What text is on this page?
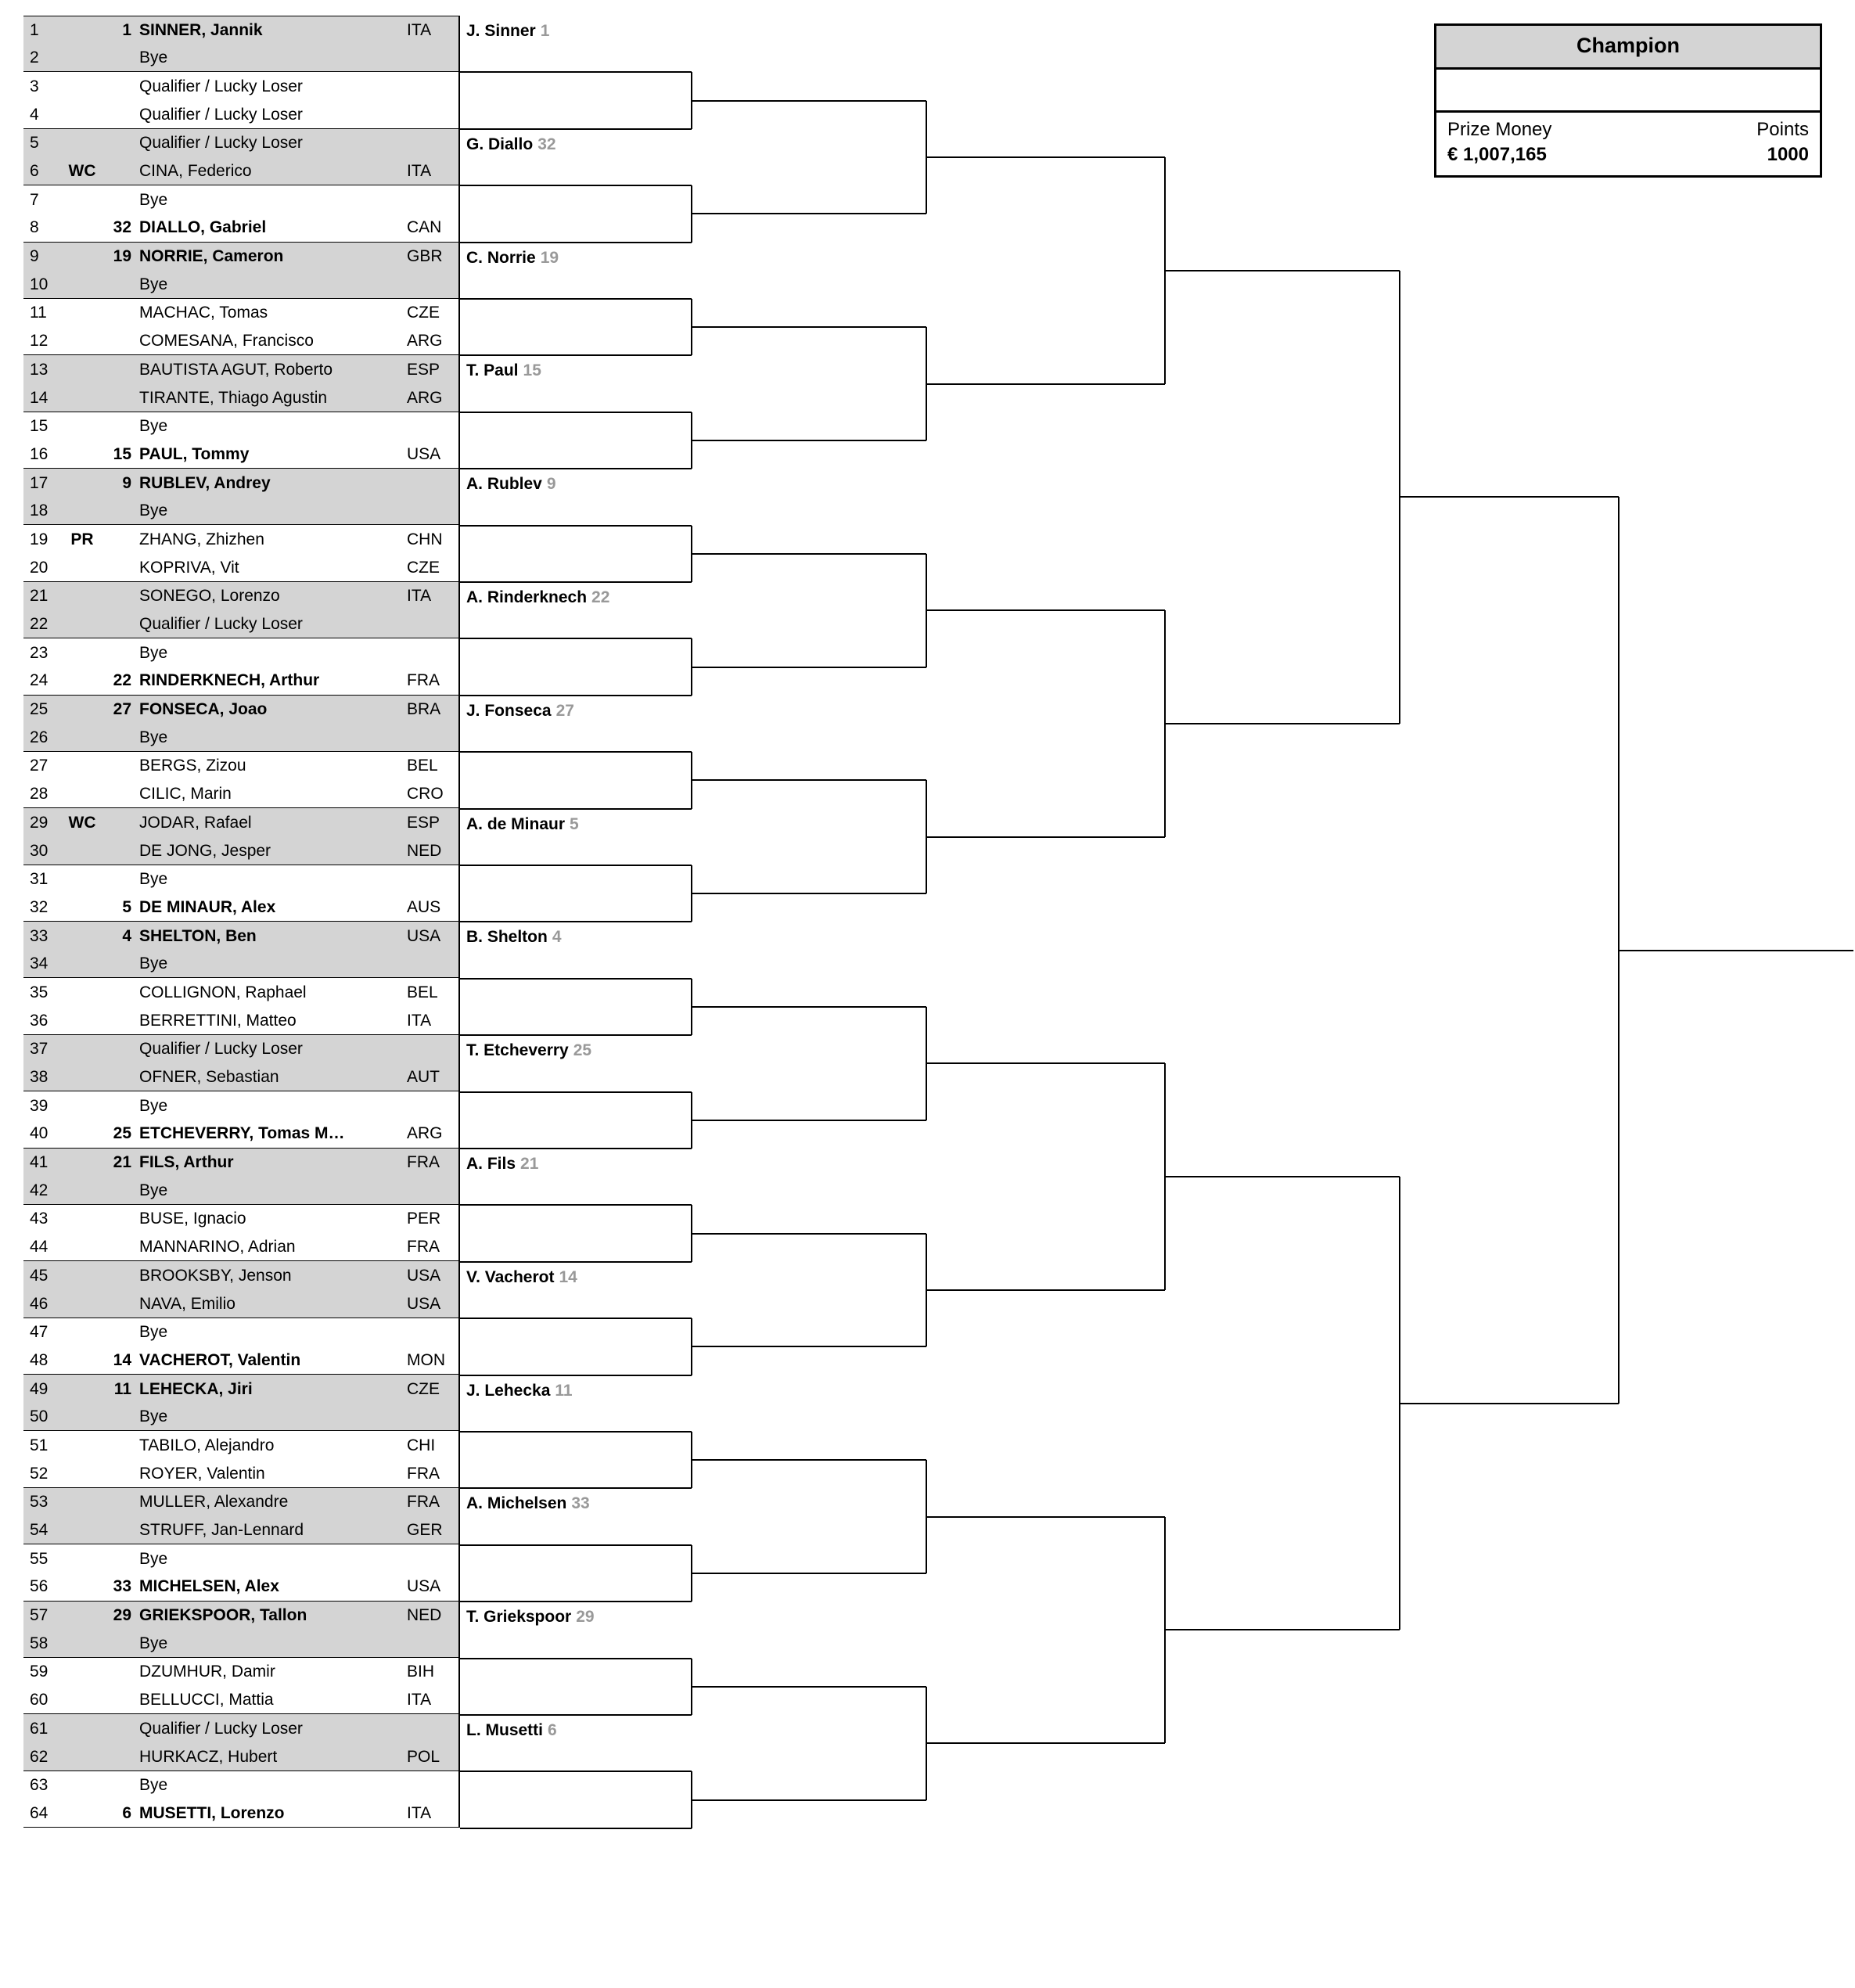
1	1 SINNER, Jannik	ITA
2	Bye
3	Qualifier / Lucky Loser
4	Qualifier / Lucky Loser
5	Qualifier / Lucky Loser
6	WC	CINA, Federico	ITA
7	Bye
8	32 DIALLO, Gabriel	CAN
9	19 NORRIE, Cameron	GBR
10	Bye
11	MACHAC, Tomas	CZE
12	COMESANA, Francisco	ARG
13	BAUTISTA AGUT, Roberto	ESP
14	TIRANTE, Thiago Agustin	ARG
15	Bye
16	15 PAUL, Tommy	USA
17	9 RUBLEV, Andrey
18	Bye
19	PR	ZHANG, Zhizhen	CHN
20	KOPRIVA, Vit	CZE
21	SONEGO, Lorenzo	ITA
22	Qualifier / Lucky Loser
23	Bye
24	22 RINDERKNECH, Arthur	FRA
25	27 FONSECA, Joao	BRA
26	Bye
27	BERGS, Zizou	BEL
28	CILIC, Marin	CRO
29	WC	JODAR, Rafael	ESP
30	DE JONG, Jesper	NED
31	Bye
32	5 DE MINAUR, Alex	AUS
33	4 SHELTON, Ben	USA
34	Bye
35	COLLIGNON, Raphael	BEL
36	BERRETTINI, Matteo	ITA
37	Qualifier / Lucky Loser
38	OFNER, Sebastian	AUT
39	Bye
40	25 ETCHEVERRY, Tomas M…	ARG
41	21 FILS, Arthur	FRA
42	Bye
43	BUSE, Ignacio	PER
44	MANNARINO, Adrian	FRA
45	BROOKSBY, Jenson	USA
46	NAVA, Emilio	USA
47	Bye
48	14 VACHEROT, Valentin	MON
49	11 LEHECKA, Jiri	CZE
50	Bye
51	TABILO, Alejandro	CHI
52	ROYER, Valentin	FRA
53	MULLER, Alexandre	FRA
54	STRUFF, Jan-Lennard	GER
55	Bye
56	33 MICHELSEN, Alex	USA
57	29 GRIEKSPOOR, Tallon	NED
58	Bye
59	DZUMHUR, Damir	BIH
60	BELLUCCI, Mattia	ITA
61	Qualifier / Lucky Loser
62	HURKACZ, Hubert	POL
63	Bye
64	6 MUSETTI, Lorenzo	ITA
J. Sinner 1
G. Diallo 32
C. Norrie 19
T. Paul 15
A. Rublev 9
A. Rinderknech 22
J. Fonseca 27
A. de Minaur 5
B. Shelton 4
T. Etcheverry 25
A. Fils 21
V. Vacherot 14
J. Lehecka 11
A. Michelsen 33
T. Griekspoor 29
L. Musetti 6
Champion
Prize Money
€ 1,007,165
Points
1000
